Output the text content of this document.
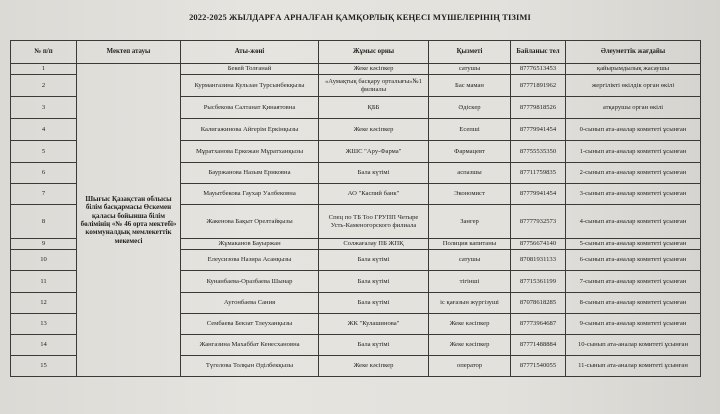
2022-2025 ЖЫЛДАРҒА АРНАЛҒАН ҚАМҚОРЛЫҚ КЕҢЕСІ МҮШЕЛЕРІНІҢ ТІЗІМІ
№ п/п	Мектеп атауы	Аты-жөні	Жұмыс орны	Қызметі	Байланыс тел	Әлеуметтік жағдайы
1	Шығыс Қазақстан облысы білім басқармасы Өскемен қаласы бойынша білім бөлімінің «№ 46 орта мектебі» коммуналдық мемлекеттік мекемесі	Бекей Толғанай	Жеке кәсіпкер	сатушы	87776513453	қайырымдылық жасаушы
2		Курмангазина Кульзан Турсынбекқызы	«Аумақтық басқару орталығы»№1 филиалы	Бас маман	87771891962	жергілікті өкілдік орган өкілі
3		Рысбекова Салтанат Қинаятовна	ҚББ	Әдіскер	87779818526	атқарушы орган өкілі
4		Калигажинова Айгерім Еркінқызы	Жеке кәсіпкер	Есепші	87779941454	0-сынып ата-аналар комитеті ұсынған
5		Мұратханова Еркежан Мұратханқызы	ЖШС "Ару-Фарма"	Фармацевт	87755535350	1-сынып ата-аналар комитеті ұсынған
6		Бауржанова Назым Ериковна	Бала күтімі	аспазшы	87711759835	2-сынып ата-аналар комитеті ұсынған
7		Мауытбекова Гаухар Уалбековна	АО "Каспий банк"	Экономист	87779941454	3-сынып ата-аналар комитеті ұсынған
8		Жакенова Бақыт Орелтайқызы	Спец по ТБ Тоо ГРУПП Четыре Усть-Каменогорского филиала	Зангер	87777932573	4-сынып ата-аналар комитеті ұсынған
9		Жұмаканов Бауыржан	Солжағалау ПБ ЖПҚ	Полиция капитаны	87756674140	5-сынып ата-аналар комитеті ұсынған
10		Елеусизова Назира Асанқызы	Бала күтімі	сатушы	87081931133	6-сынып ата-аналар комитеті ұсынған
11		Кунанбаева-Оразбаева Шынар	Бала күтімі	тігінші	87715361199	7-сынып ата-аналар комитеті ұсынған
12		Аугонбаева Сания	Бала күтімі	іс қағазын жүргізуші	87078618285	8-сынып ата-аналар комитеті ұсынған
13		Сембаева Бекзат Тлеуханқызы	ЖК "Кулашинова"	Жеке кәсіпкер	87773964687	9-сынып ата-аналар комитеті ұсынған
14		Жангазина Махаббат Кенесхановна	Бала күтімі	Жеке кәсіпкер	87771488884	10-сынып ата-аналар комитеті ұсынған
15		Түгелова Толқын Әділбекқызы	Жеке кәсіпкер	оператор	87771540055	11-сынып ата-аналар комитеті ұсынған
